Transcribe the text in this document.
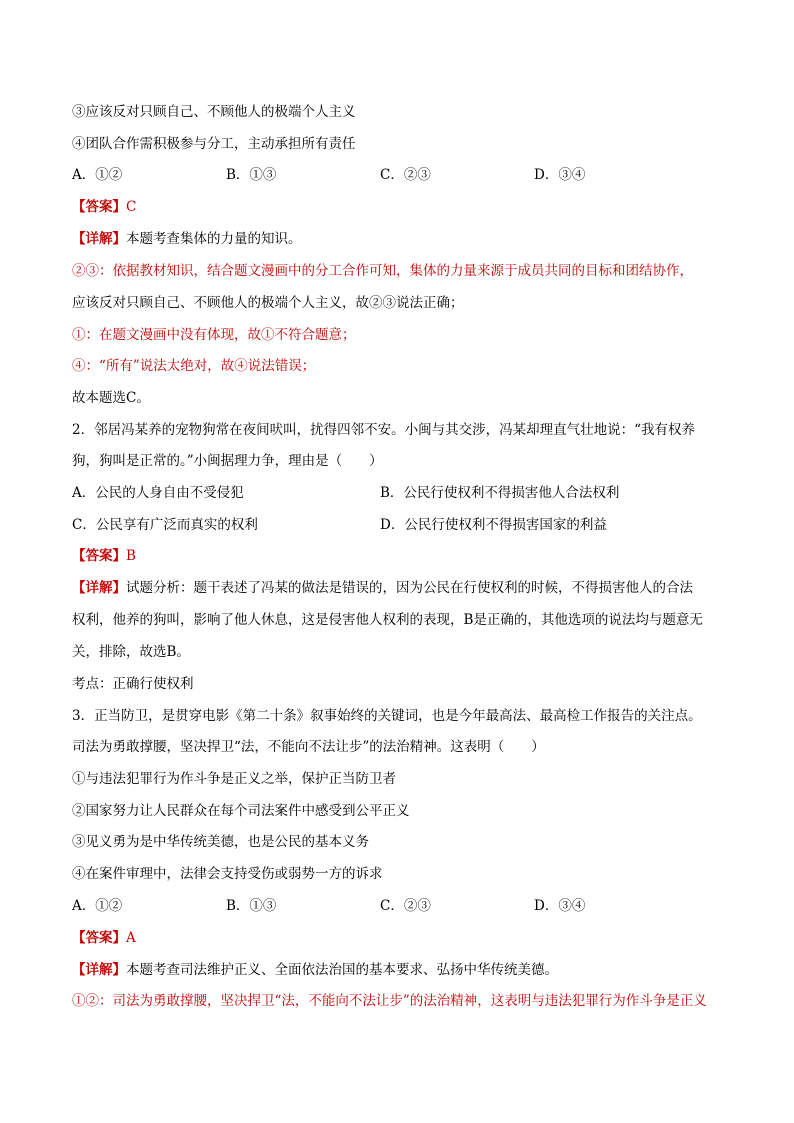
③应该反对只顾自己、不顾他人的极端个人主义
④团队合作需积极参与分工，主动承担所有责任
A．①②	B．①③	C．②③	D．③④
【答案】C
【详解】本题考查集体的力量的知识。
②③：依据教材知识，结合题文漫画中的分工合作可知，集体的力量来源于成员共同的目标和团结协作，
应该反对只顾自己、不顾他人的极端个人主义，故②③说法正确；
①：在题文漫画中没有体现，故①不符合题意；
④：“所有”说法太绝对，故④说法错误；
故本题选C。
2．邻居冯某养的宠物狗常在夜间吠叫，扰得四邻不安。小闽与其交涉，冯某却理直气壮地说：“我有权养
狗，狗叫是正常的。”小闽据理力争，理由是（　　）
A．公民的人身自由不受侵犯	B．公民行使权利不得损害他人合法权利
C．公民享有广泛而真实的权利	D．公民行使权利不得损害国家的利益
【答案】B
【详解】试题分析：题干表述了冯某的做法是错误的，因为公民在行使权利的时候，不得损害他人的合法
权利，他养的狗叫，影响了他人休息，这是侵害他人权利的表现，B是正确的，其他选项的说法均与题意无
关，排除，故选B。
考点：正确行使权利
3．正当防卫，是贯穿电影《第二十条》叙事始终的关键词，也是今年最高法、最高检工作报告的关注点。
司法为勇敢撑腰，坚决捍卫“法，不能向不法让步”的法治精神。这表明（　　）
①与违法犯罪行为作斗争是正义之举，保护正当防卫者
②国家努力让人民群众在每个司法案件中感受到公平正义
③见义勇为是中华传统美德，也是公民的基本义务
④在案件审理中，法律会支持受伤或弱势一方的诉求
A．①②	B．①③	C．②③	D．③④
【答案】A
【详解】本题考查司法维护正义、全面依法治国的基本要求、弘扬中华传统美德。
①②：司法为勇敢撑腰，坚决捍卫“法，不能向不法让步”的法治精神，这表明与违法犯罪行为作斗争是正义
